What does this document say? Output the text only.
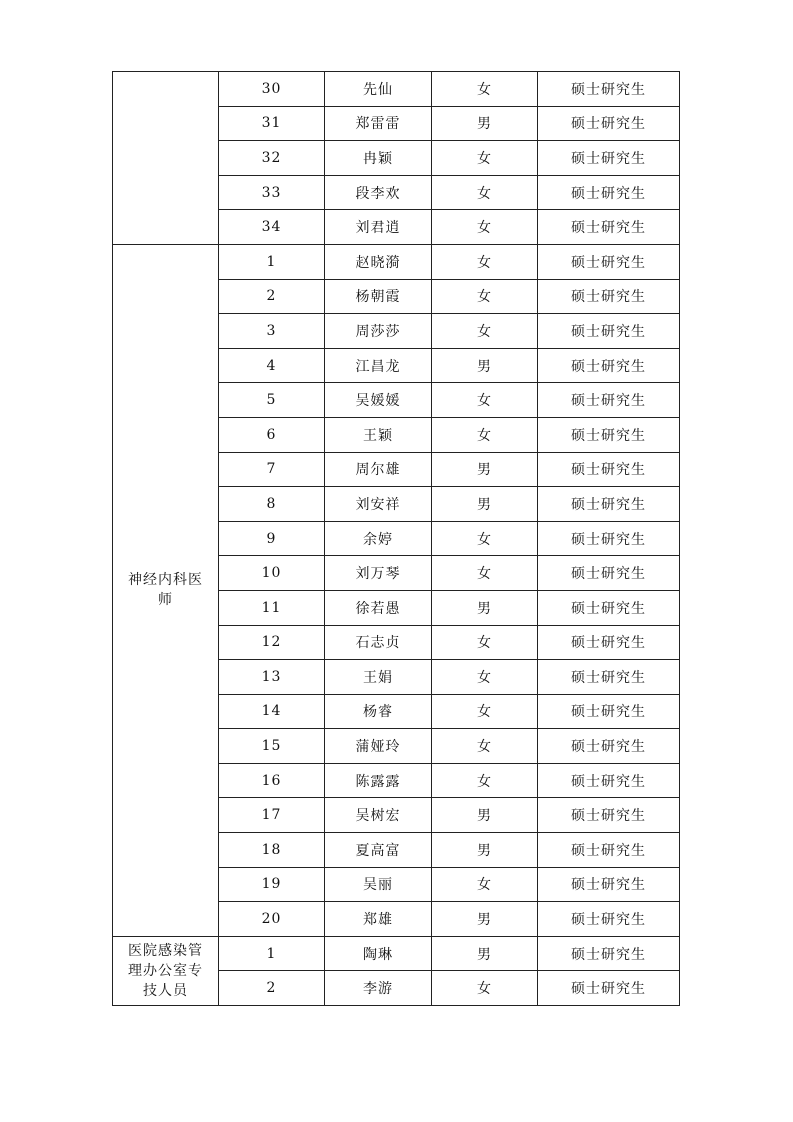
	30	先仙	女	硕士研究生
	31	郑雷雷	男	硕士研究生
	32	冉颖	女	硕士研究生
	33	段李欢	女	硕士研究生
	34	刘君逍	女	硕士研究生
神经内科医师	1	赵晓漪	女	硕士研究生
	2	杨朝霞	女	硕士研究生
	3	周莎莎	女	硕士研究生
	4	江昌龙	男	硕士研究生
	5	吴媛媛	女	硕士研究生
	6	王颖	女	硕士研究生
	7	周尔雄	男	硕士研究生
	8	刘安祥	男	硕士研究生
	9	余婷	女	硕士研究生
	10	刘万琴	女	硕士研究生
	11	徐若愚	男	硕士研究生
	12	石志贞	女	硕士研究生
	13	王娟	女	硕士研究生
	14	杨睿	女	硕士研究生
	15	蒲娅玲	女	硕士研究生
	16	陈露露	女	硕士研究生
	17	吴树宏	男	硕士研究生
	18	夏高富	男	硕士研究生
	19	吴丽	女	硕士研究生
	20	郑雄	男	硕士研究生
医院感染管理办公室专技人员	1	陶琳	男	硕士研究生
	2	李游	女	硕士研究生
